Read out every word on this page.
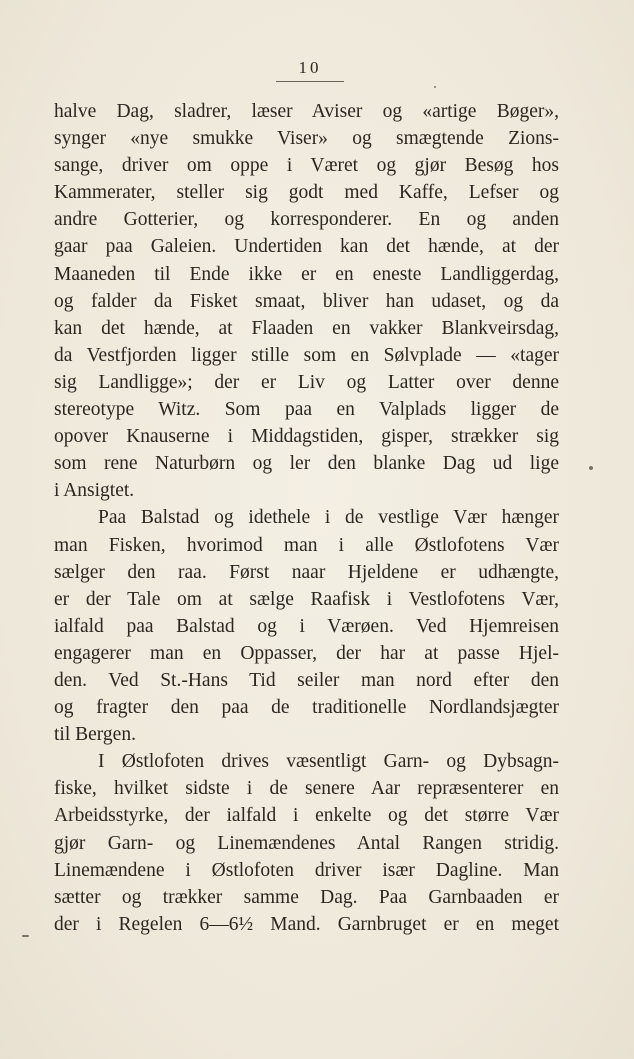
10
halve Dag, sladrer, læser Aviser og «artige Bøger»,
synger «nye smukke Viser» og smægtende Zions-
sange, driver om oppe i Været og gjør Besøg hos
Kammerater, steller sig godt med Kaffe, Lefser og
andre Gotterier, og korresponderer. En og anden
gaar paa Galeien. Undertiden kan det hænde, at der
Maaneden til Ende ikke er en eneste Landliggerdag,
og falder da Fisket smaat, bliver han udaset, og da
kan det hænde, at Flaaden en vakker Blankveirsdag,
da Vestfjorden ligger stille som en Sølvplade — «tager
sig Landligge»; der er Liv og Latter over denne
stereotype Witz. Som paa en Valplads ligger de
opover Knauserne i Middagstiden, gisper, strækker sig
som rene Naturbørn og ler den blanke Dag ud lige
i Ansigtet.
Paa Balstad og idethele i de vestlige Vær hænger
man Fisken, hvorimod man i alle Østlofotens Vær
sælger den raa. Først naar Hjeldene er udhængte,
er der Tale om at sælge Raafisk i Vestlofotens Vær,
ialfald paa Balstad og i Værøen. Ved Hjemreisen
engagerer man en Oppasser, der har at passe Hjel-
den. Ved St.-Hans Tid seiler man nord efter den
og fragter den paa de traditionelle Nordlandsjægter
til Bergen.
I Østlofoten drives væsentligt Garn- og Dybsagn-
fiske, hvilket sidste i de senere Aar repræsenterer en
Arbeidsstyrke, der ialfald i enkelte og det større Vær
gjør Garn- og Linemændenes Antal Rangen stridig.
Linemændene i Østlofoten driver især Dagline. Man
sætter og trækker samme Dag. Paa Garnbaaden er
der i Regelen 6—6½ Mand. Garnbruget er en meget
